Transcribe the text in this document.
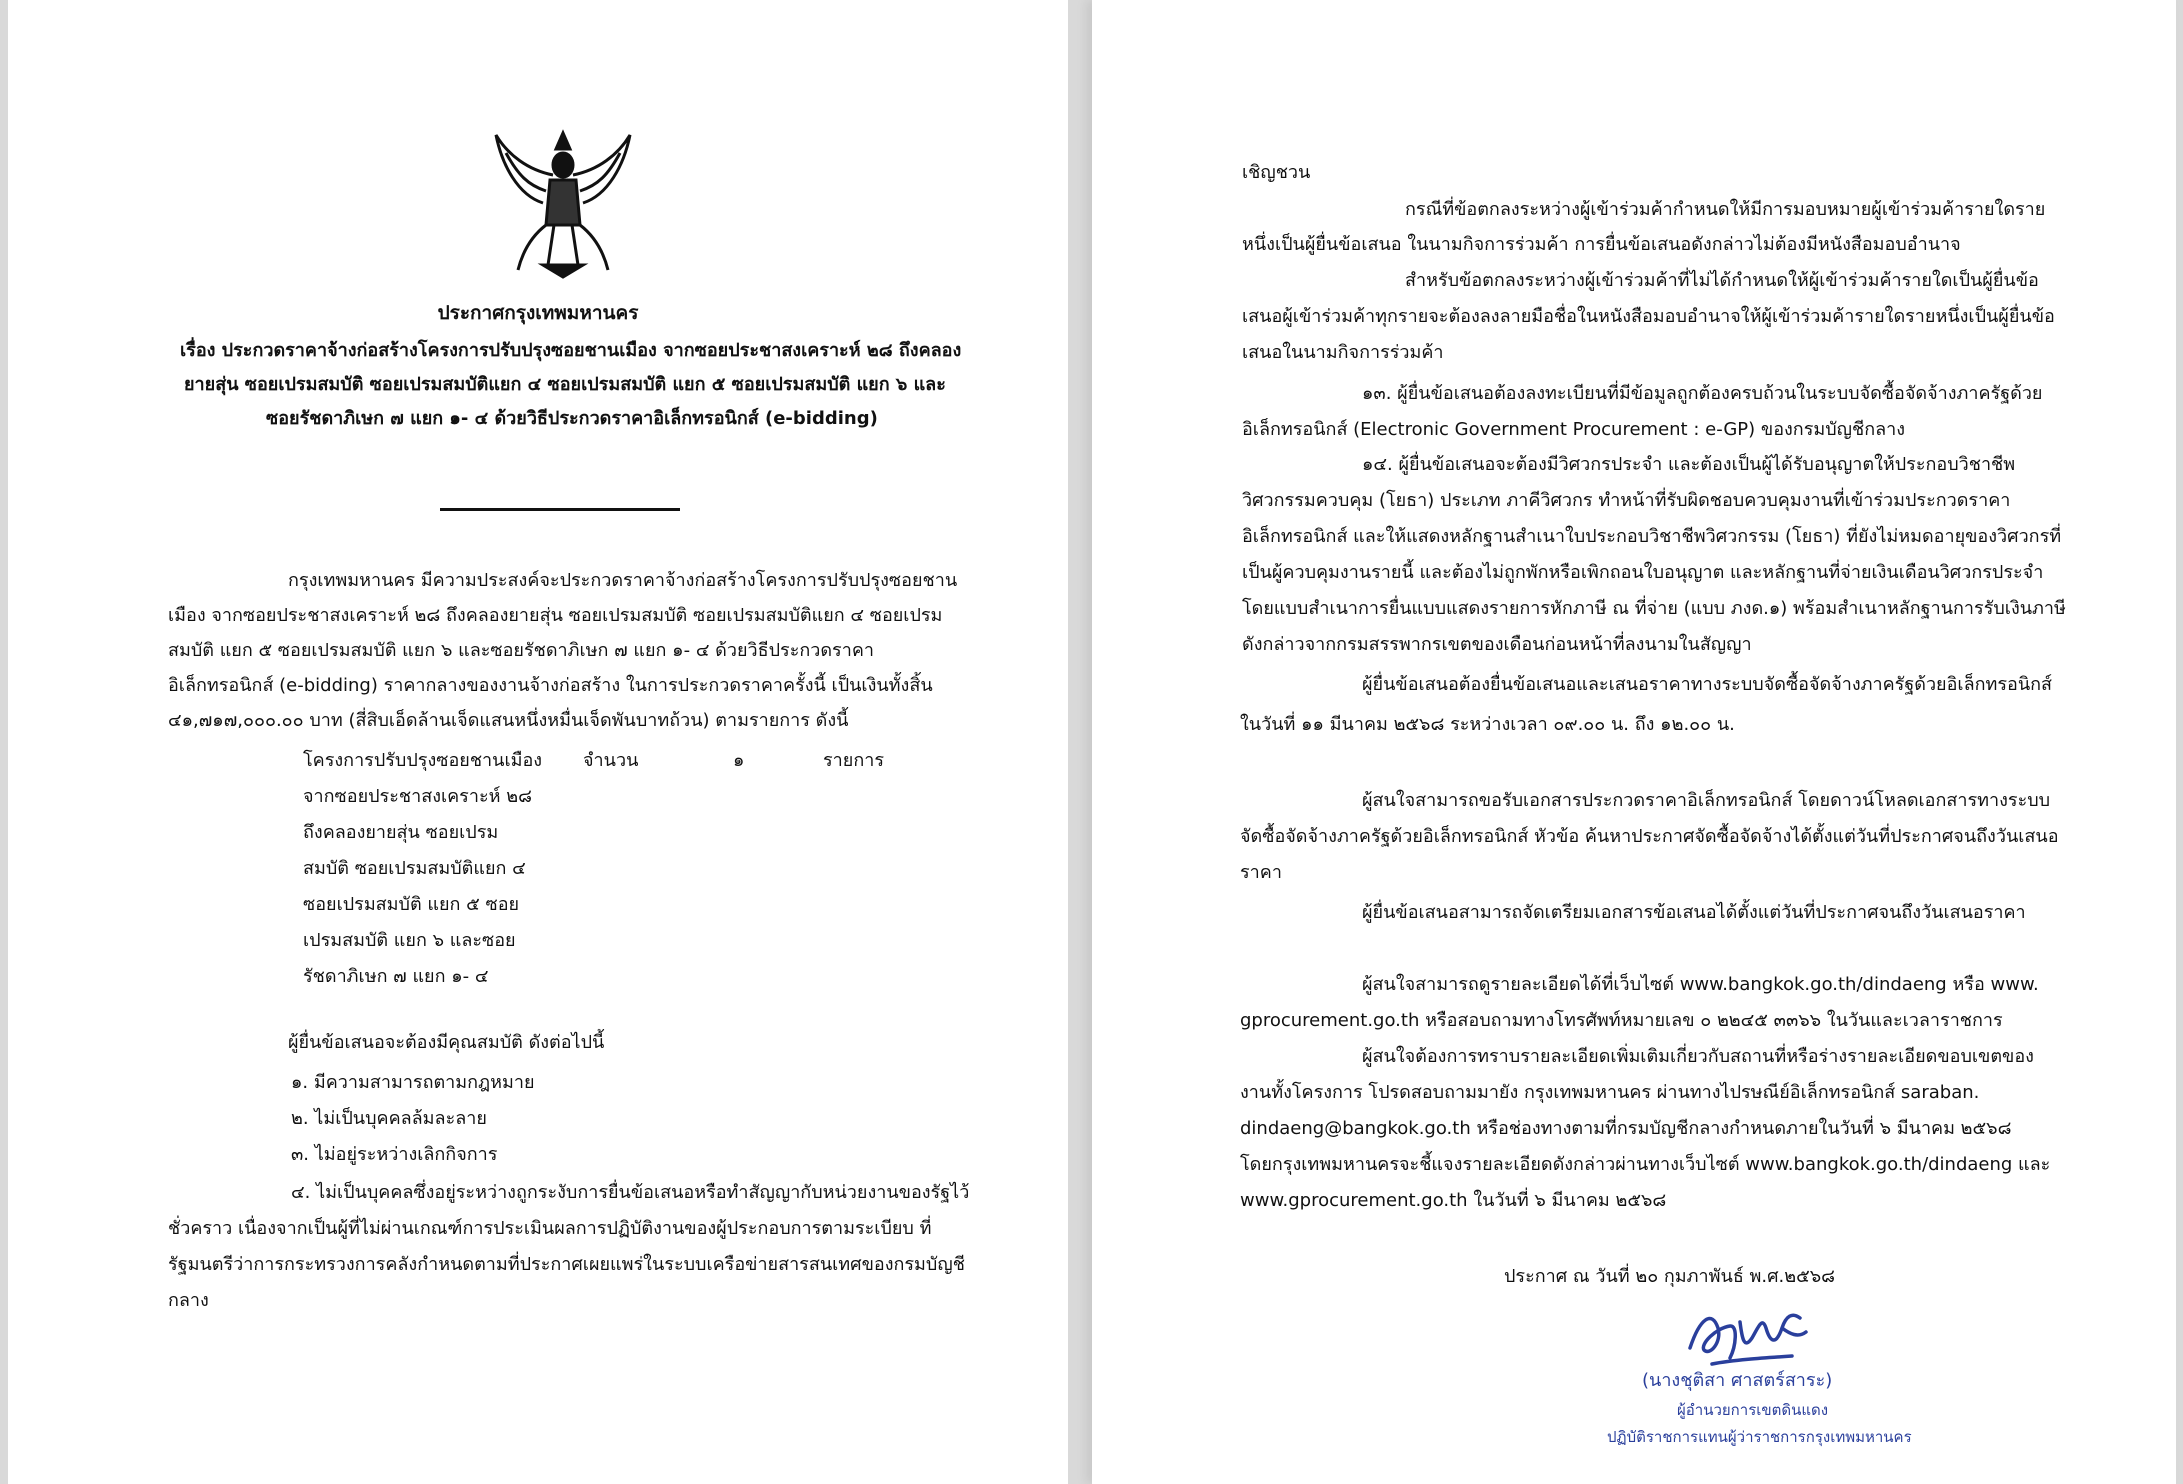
ประกาศกรุงเทพมหานคร
เรื่อง ประกวดราคาจ้างก่อสร้างโครงการปรับปรุงซอยชานเมือง จากซอยประชาสงเคราะห์ ๒๘ ถึงคลอง
ยายสุ่น ซอยเปรมสมบัติ ซอยเปรมสมบัติแยก ๔ ซอยเปรมสมบัติ แยก ๕ ซอยเปรมสมบัติ แยก ๖ และ
ซอยรัชดาภิเษก ๗ แยก ๑- ๔ ด้วยวิธีประกวดราคาอิเล็กทรอนิกส์ (e-bidding)
กรุงเทพมหานคร มีความประสงค์จะประกวดราคาจ้างก่อสร้างโครงการปรับปรุงซอยชาน
เมือง จากซอยประชาสงเคราะห์ ๒๘ ถึงคลองยายสุ่น ซอยเปรมสมบัติ ซอยเปรมสมบัติแยก ๔ ซอยเปรม
สมบัติ แยก ๕ ซอยเปรมสมบัติ แยก ๖ และซอยรัชดาภิเษก ๗ แยก ๑- ๔ ด้วยวิธีประกวดราคา
อิเล็กทรอนิกส์ (e-bidding) ราคากลางของงานจ้างก่อสร้าง ในการประกวดราคาครั้งนี้ เป็นเงินทั้งสิ้น
๔๑,๗๑๗,๐๐๐.๐๐ บาท (สี่สิบเอ็ดล้านเจ็ดแสนหนึ่งหมื่นเจ็ดพันบาทถ้วน) ตามรายการ ดังนี้
โครงการปรับปรุงซอยชานเมือง จำนวน	๑	รายการ
จากซอยประชาสงเคราะห์ ๒๘
ถึงคลองยายสุ่น ซอยเปรม
สมบัติ ซอยเปรมสมบัติแยก ๔
ซอยเปรมสมบัติ แยก ๕ ซอย
เปรมสมบัติ แยก ๖ และซอย
รัชดาภิเษก ๗ แยก ๑- ๔
ผู้ยื่นข้อเสนอจะต้องมีคุณสมบัติ ดังต่อไปนี้
๑. มีความสามารถตามกฎหมาย
๒. ไม่เป็นบุคคลล้มละลาย
๓. ไม่อยู่ระหว่างเลิกกิจการ
๔. ไม่เป็นบุคคลซึ่งอยู่ระหว่างถูกระงับการยื่นข้อเสนอหรือทำสัญญากับหน่วยงานของรัฐไว้
ชั่วคราว เนื่องจากเป็นผู้ที่ไม่ผ่านเกณฑ์การประเมินผลการปฏิบัติงานของผู้ประกอบการตามระเบียบ ที่
รัฐมนตรีว่าการกระทรวงการคลังกำหนดตามที่ประกาศเผยแพร่ในระบบเครือข่ายสารสนเทศของกรมบัญชี
กลาง
เชิญชวน
กรณีที่ข้อตกลงระหว่างผู้เข้าร่วมค้ากำหนดให้มีการมอบหมายผู้เข้าร่วมค้ารายใดราย
หนึ่งเป็นผู้ยื่นข้อเสนอ ในนามกิจการร่วมค้า การยื่นข้อเสนอดังกล่าวไม่ต้องมีหนังสือมอบอำนาจ
สำหรับข้อตกลงระหว่างผู้เข้าร่วมค้าที่ไม่ได้กำหนดให้ผู้เข้าร่วมค้ารายใดเป็นผู้ยื่นข้อ
เสนอผู้เข้าร่วมค้าทุกรายจะต้องลงลายมือชื่อในหนังสือมอบอำนาจให้ผู้เข้าร่วมค้ารายใดรายหนึ่งเป็นผู้ยื่นข้อ
เสนอในนามกิจการร่วมค้า
๑๓. ผู้ยื่นข้อเสนอต้องลงทะเบียนที่มีข้อมูลถูกต้องครบถ้วนในระบบจัดซื้อจัดจ้างภาครัฐด้วย
อิเล็กทรอนิกส์ (Electronic Government Procurement : e-GP) ของกรมบัญชีกลาง
๑๔. ผู้ยื่นข้อเสนอจะต้องมีวิศวกรประจำ และต้องเป็นผู้ได้รับอนุญาตให้ประกอบวิชาชีพ
วิศวกรรมควบคุม (โยธา) ประเภท ภาคีวิศวกร ทำหน้าที่รับผิดชอบควบคุมงานที่เข้าร่วมประกวดราคา
อิเล็กทรอนิกส์ และให้แสดงหลักฐานสำเนาใบประกอบวิชาชีพวิศวกรรม (โยธา) ที่ยังไม่หมดอายุของวิศวกรที่
เป็นผู้ควบคุมงานรายนี้ และต้องไม่ถูกพักหรือเพิกถอนใบอนุญาต และหลักฐานที่จ่ายเงินเดือนวิศวกรประจำ
โดยแบบสำเนาการยื่นแบบแสดงรายการหักภาษี ณ ที่จ่าย (แบบ ภงด.๑) พร้อมสำเนาหลักฐานการรับเงินภาษี
ดังกล่าวจากกรมสรรพากรเขตของเดือนก่อนหน้าที่ลงนามในสัญญา
ผู้ยื่นข้อเสนอต้องยื่นข้อเสนอและเสนอราคาทางระบบจัดซื้อจัดจ้างภาครัฐด้วยอิเล็กทรอนิกส์
ในวันที่ ๑๑ มีนาคม ๒๕๖๘ ระหว่างเวลา ๐๙.๐๐ น. ถึง ๑๒.๐๐ น.
ผู้สนใจสามารถขอรับเอกสารประกวดราคาอิเล็กทรอนิกส์ โดยดาวน์โหลดเอกสารทางระบบ
จัดซื้อจัดจ้างภาครัฐด้วยอิเล็กทรอนิกส์ หัวข้อ ค้นหาประกาศจัดซื้อจัดจ้างได้ตั้งแต่วันที่ประกาศจนถึงวันเสนอ
ราคา
ผู้ยื่นข้อเสนอสามารถจัดเตรียมเอกสารข้อเสนอได้ตั้งแต่วันที่ประกาศจนถึงวันเสนอราคา
ผู้สนใจสามารถดูรายละเอียดได้ที่เว็บไซต์ www.bangkok.go.th/dindaeng หรือ www.
gprocurement.go.th หรือสอบถามทางโทรศัพท์หมายเลข ๐ ๒๒๔๕ ๓๓๖๖ ในวันและเวลาราชการ
ผู้สนใจต้องการทราบรายละเอียดเพิ่มเติมเกี่ยวกับสถานที่หรือร่างรายละเอียดขอบเขตของ
งานทั้งโครงการ โปรดสอบถามมายัง กรุงเทพมหานคร ผ่านทางไปรษณีย์อิเล็กทรอนิกส์ saraban.
dindaeng@bangkok.go.th หรือช่องทางตามที่กรมบัญชีกลางกำหนดภายในวันที่ ๖ มีนาคม ๒๕๖๘
โดยกรุงเทพมหานครจะชี้แจงรายละเอียดดังกล่าวผ่านทางเว็บไซต์ www.bangkok.go.th/dindaeng และ
www.gprocurement.go.th ในวันที่ ๖ มีนาคม ๒๕๖๘
ประกาศ ณ วันที่ ๒๐ กุมภาพันธ์ พ.ศ.๒๕๖๘
(นางชุติสา ศาสตร์สาระ)
ผู้อำนวยการเขตดินแดง
ปฏิบัติราชการแทนผู้ว่าราชการกรุงเทพมหานคร
